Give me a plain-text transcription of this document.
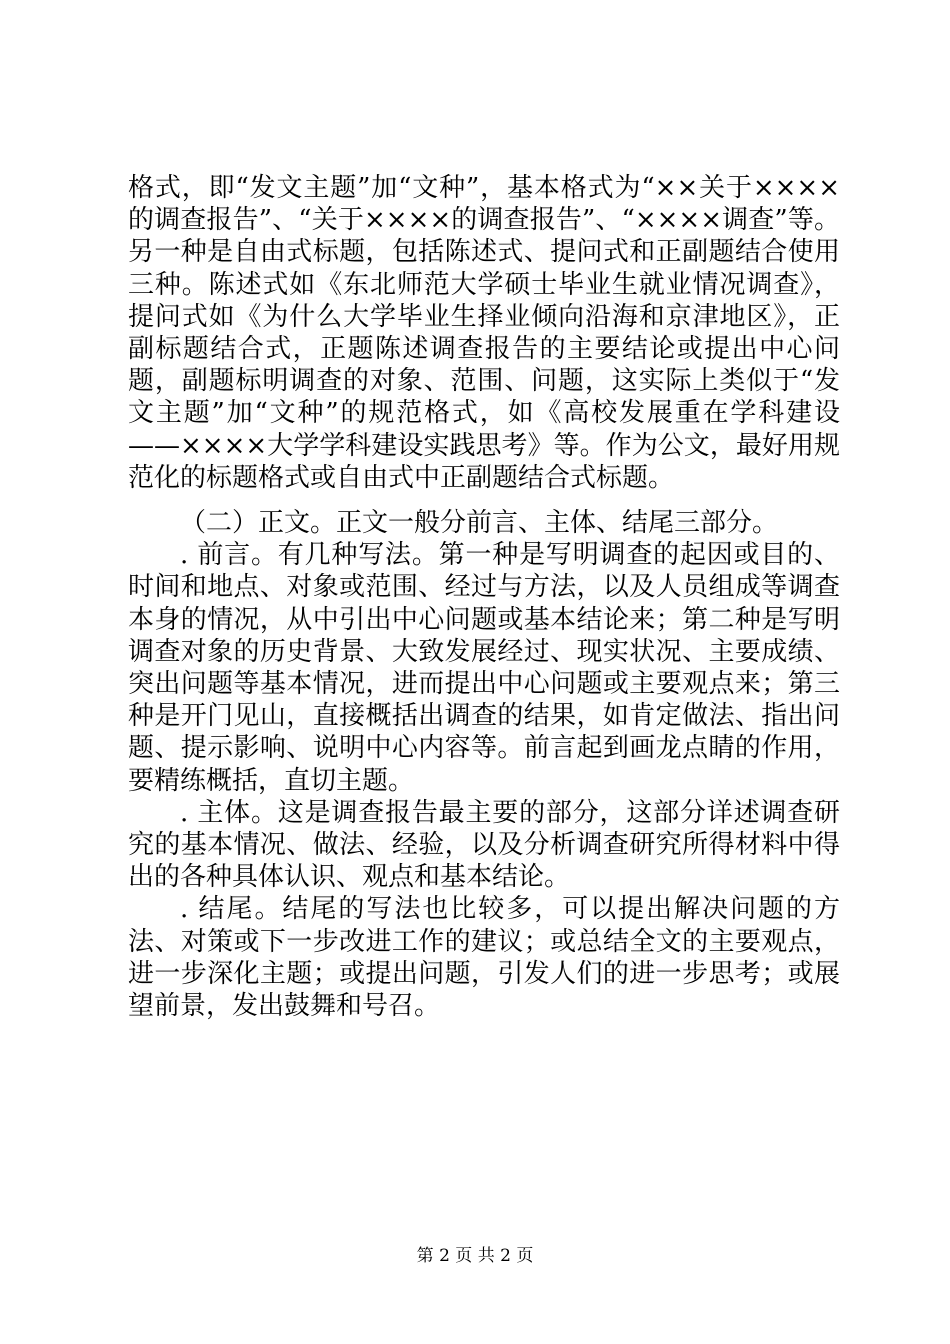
格式，即“发文主题”加“文种”，基本格式为“××关于××××的调查报告”、“关于××××的调查报告”、“××××调查”等。另一种是自由式标题，包括陈述式、提问式和正副题结合使用三种。陈述式如《东北师范大学硕士毕业生就业情况调查》，提问式如《为什么大学毕业生择业倾向沿海和京津地区》，正副标题结合式，正题陈述调查报告的主要结论或提出中心问题，副题标明调查的对象、范围、问题，这实际上类似于“发文主题”加“文种”的规范格式，如《高校发展重在学科建设——××××大学学科建设实践思考》等。作为公文，最好用规范化的标题格式或自由式中正副题结合式标题。

（二）正文。正文一般分前言、主体、结尾三部分。

. 前言。有几种写法。第一种是写明调查的起因或目的、时间和地点、对象或范围、经过与方法，以及人员组成等调查本身的情况，从中引出中心问题或基本结论来；第二种是写明调查对象的历史背景、大致发展经过、现实状况、主要成绩、突出问题等基本情况，进而提出中心问题或主要观点来；第三种是开门见山，直接概括出调查的结果，如肯定做法、指出问题、提示影响、说明中心内容等。前言起到画龙点睛的作用，要精练概括，直切主题。

. 主体。这是调查报告最主要的部分，这部分详述调查研究的基本情况、做法、经验，以及分析调查研究所得材料中得出的各种具体认识、观点和基本结论。

. 结尾。结尾的写法也比较多，可以提出解决问题的方法、对策或下一步改进工作的建议；或总结全文的主要观点，进一步深化主题；或提出问题，引发人们的进一步思考；或展望前景，发出鼓舞和号召。

第 2 页 共 2 页
